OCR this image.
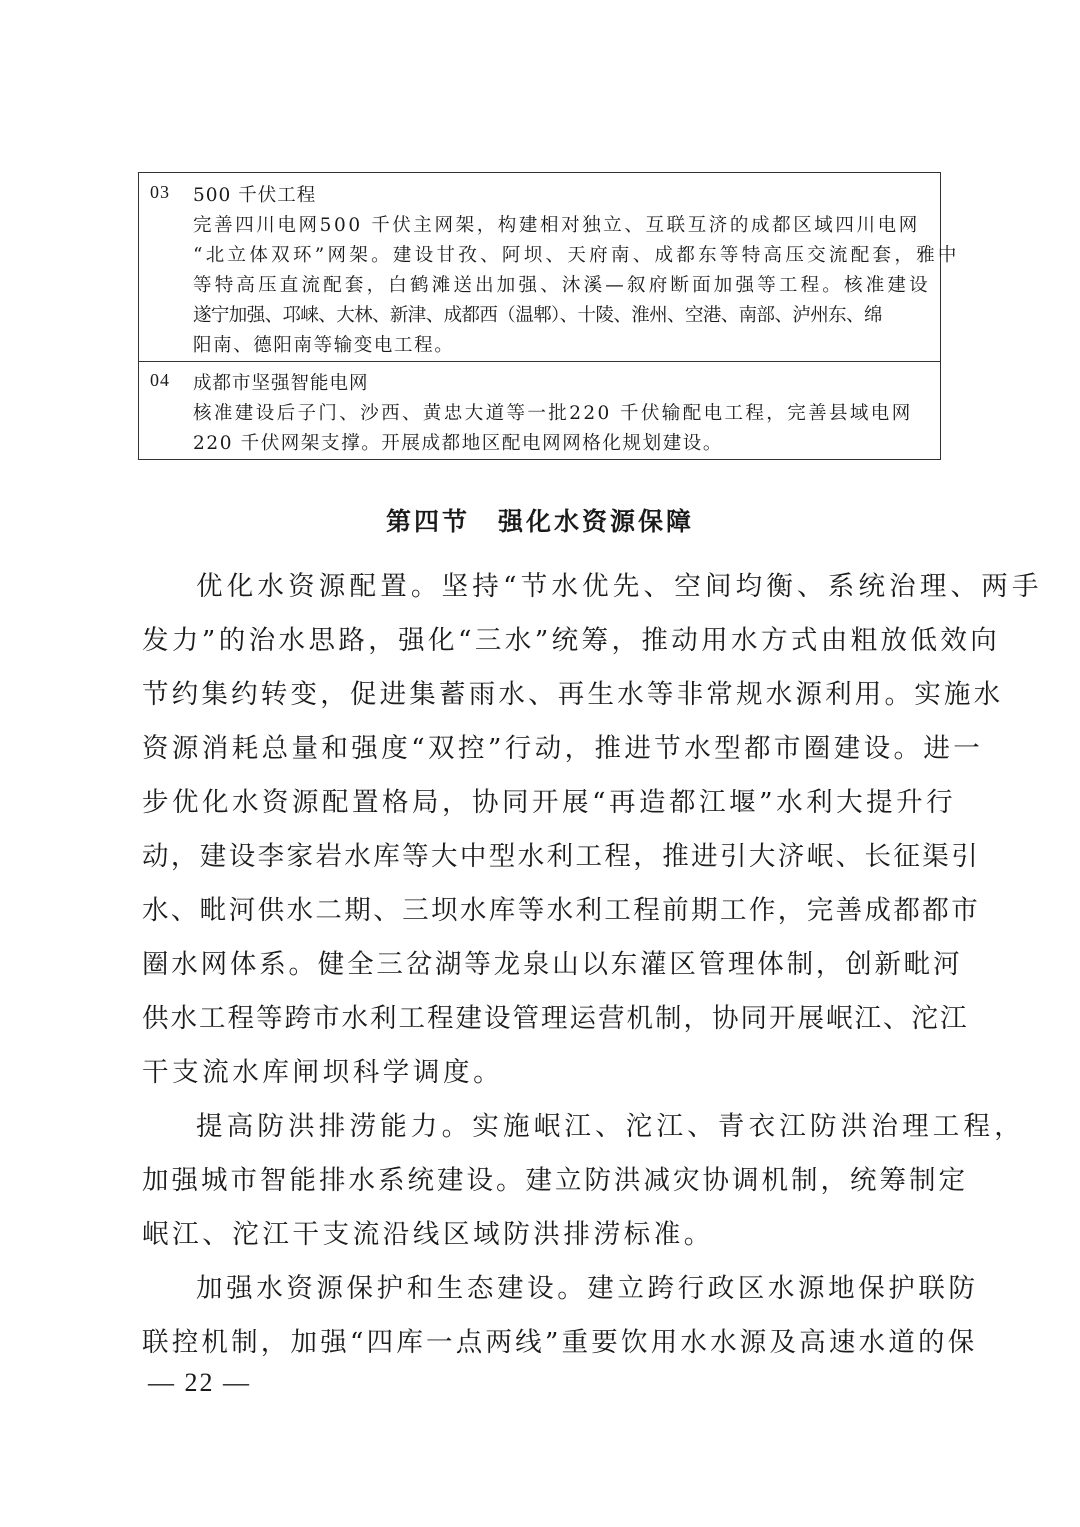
03 500 千伏工程
完善四川电网500 千伏主网架，构建相对独立、互联互济的成都区域四川电网
“北立体双环”网架。建设甘孜、阿坝、天府南、成都东等特高压交流配套，雅中
等特高压直流配套，白鹤滩送出加强、沐溪—叙府断面加强等工程。核准建设
遂宁加强、邛崃、大林、新津、成都西（温郫）、十陵、淮州、空港、南部、泸州东、绵
阳南、德阳南等输变电工程。
04 成都市坚强智能电网
核准建设后子门、沙西、黄忠大道等一批220 千伏输配电工程，完善县域电网
220 千伏网架支撑。开展成都地区配电网网格化规划建设。
第四节 强化水资源保障
优化水资源配置。坚持“节水优先、空间均衡、系统治理、两手
发力”的治水思路，强化“三水”统筹，推动用水方式由粗放低效向
节约集约转变，促进集蓄雨水、再生水等非常规水源利用。实施水
资源消耗总量和强度“双控”行动，推进节水型都市圈建设。进一
步优化水资源配置格局，协同开展“再造都江堰”水利大提升行
动，建设李家岩水库等大中型水利工程，推进引大济岷、长征渠引
水、毗河供水二期、三坝水库等水利工程前期工作，完善成都都市
圈水网体系。健全三岔湖等龙泉山以东灌区管理体制，创新毗河
供水工程等跨市水利工程建设管理运营机制，协同开展岷江、沱江
干支流水库闸坝科学调度。
提高防洪排涝能力。实施岷江、沱江、青衣江防洪治理工程，
加强城市智能排水系统建设。建立防洪减灾协调机制，统筹制定
岷江、沱江干支流沿线区域防洪排涝标准。
加强水资源保护和生态建设。建立跨行政区水源地保护联防
联控机制，加强“四库一点两线”重要饮用水水源及高速水道的保
— 22 —
